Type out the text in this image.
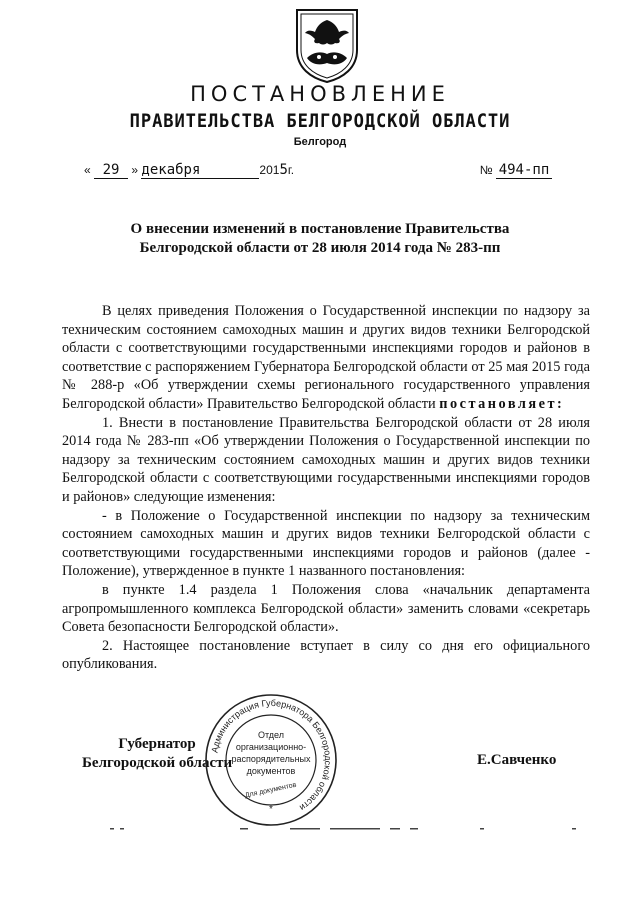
ПОСТАНОВЛЕНИЕ
ПРАВИТЕЛЬСТВА БЕЛГОРОДСКОЙ ОБЛАСТИ
Белгород
« 29 » декабря	2015г.	№ 494-пп
О внесении изменений в постановление Правительства
Белгородской области от 28 июля 2014 года № 283-пп

В целях приведения Положения о Государственной инспекции по надзору за техническим состоянием самоходных машин и других видов техники Белгородской области с соответствующими государственными инспекциями городов и районов в соответствие с распоряжением Губернатора Белгородской области от 25 мая 2015 года № 288-р «Об утверждении схемы регионального государственного управления Белгородской области» Правительство Белгородской области постановляет:

1. Внести в постановление Правительства Белгородской области от 28 июля 2014 года № 283-пп «Об утверждении Положения о Государственной инспекции по надзору за техническим состоянием самоходных машин и других видов техники Белгородской области с соответствующими государственными инспекциями городов и районов» следующие изменения:

- в Положение о Государственной инспекции по надзору за техническим состоянием самоходных машин и других видов техники Белгородской области с соответствующими государственными инспекциями городов и районов (далее - Положение), утвержденное в пункте 1 названного постановления:

в пункте 1.4 раздела 1 Положения слова «начальник департамента агропромышленного комплекса Белгородской области» заменить словами «секретарь Совета безопасности Белгородской области».

2. Настоящее постановление вступает в силу со дня его официального опубликования.

Губернатор
Белгородской области	Е.Савченко
Администрация Губернатора Белгородской области
Отдел
организационно-
распорядительных
документов
Для документов
*
